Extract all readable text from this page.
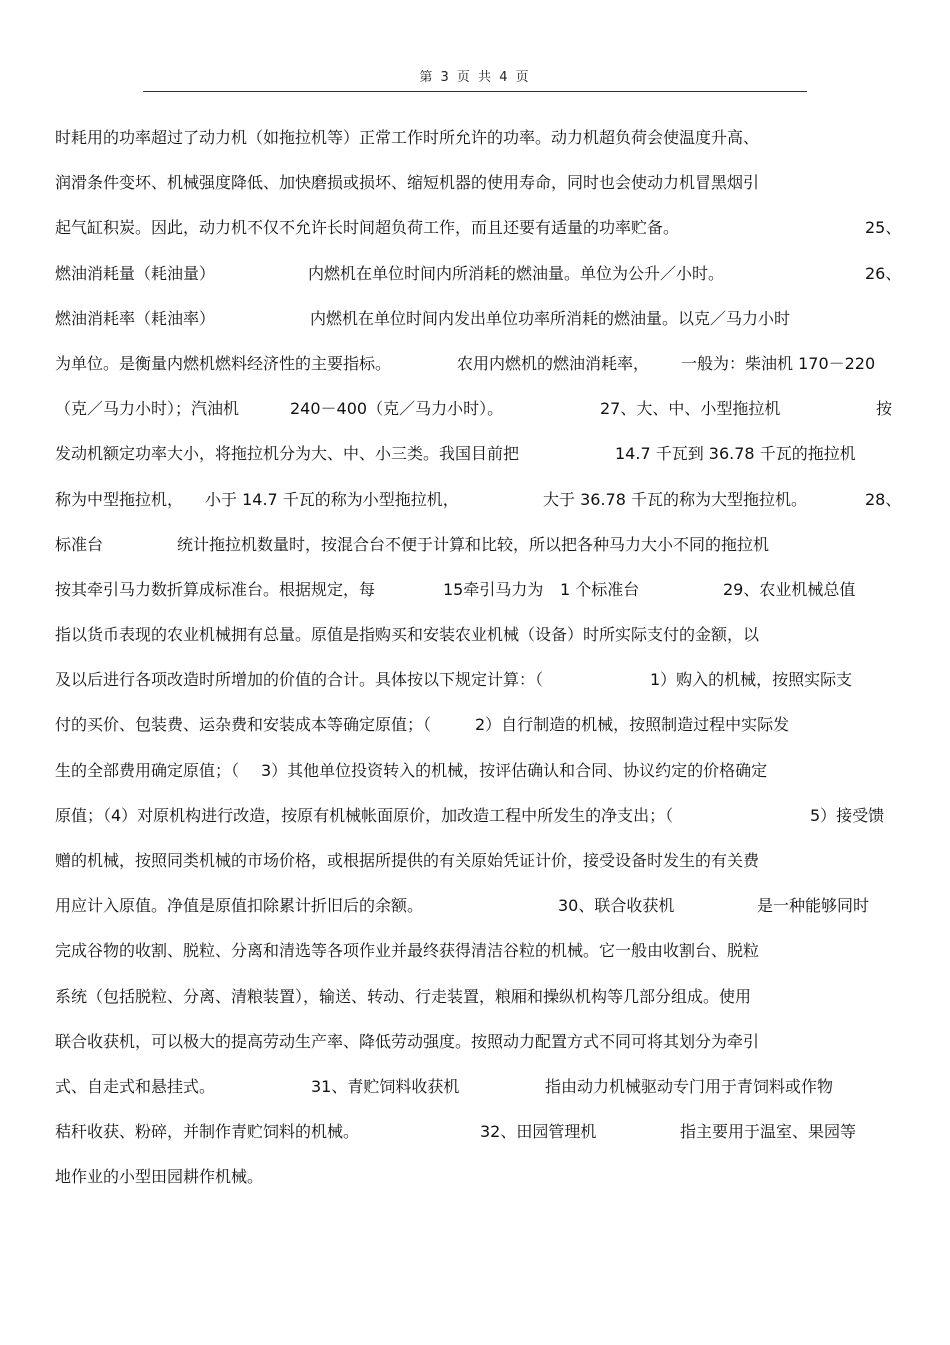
第 3 页 共 4 页
时耗用的功率超过了动力机（如拖拉机等）正常工作时所允许的功率。动力机超负荷会使温度升高、
润滑条件变坏、机械强度降低、加快磨损或损坏、缩短机器的使用寿命，同时也会使动力机冒黑烟引
起气缸积炭。因此，动力机不仅不允许长时间超负荷工作，而且还要有适量的功率贮备。	25、
燃油消耗量（耗油量）	内燃机在单位时间内所消耗的燃油量。单位为公升／小时。	26、
燃油消耗率（耗油率）	内燃机在单位时间内发出单位功率所消耗的燃油量。以克／马力小时
为单位。是衡量内燃机燃料经济性的主要指标。	农用内燃机的燃油消耗率， 一般为：柴油机 170－220
（克／马力小时）；汽油机	240－400（克／马力小时）。	27、大、中、小型拖拉机	按
发动机额定功率大小，将拖拉机分为大、中、小三类。我国目前把	14.7 千瓦到 36.78 千瓦的拖拉机
称为中型拖拉机， 小于 14.7 千瓦的称为小型拖拉机，	大于 36.78 千瓦的称为大型拖拉机。	28、
标准台	统计拖拉机数量时，按混合台不便于计算和比较，所以把各种马力大小不同的拖拉机
按其牵引马力数折算成标准台。根据规定，每	15牵引马力为 1 个标准台	29、农业机械总值
指以货币表现的农业机械拥有总量。原值是指购买和安装农业机械（设备）时所实际支付的金额，以
及以后进行各项改造时所增加的价值的合计。具体按以下规定计算：（	1）购入的机械，按照实际支
付的买价、包装费、运杂费和安装成本等确定原值；（	2）自行制造的机械，按照制造过程中实际发
生的全部费用确定原值；（ 3）其他单位投资转入的机械，按评估确认和合同、协议约定的价格确定
原值；（4）对原机构进行改造，按原有机械帐面原价，加改造工程中所发生的净支出；（	5）接受馈
赠的机械，按照同类机械的市场价格，或根据所提供的有关原始凭证计价，接受设备时发生的有关费
用应计入原值。净值是原值扣除累计折旧后的余额。	30、联合收获机	是一种能够同时
完成谷物的收割、脱粒、分离和清选等各项作业并最终获得清洁谷粒的机械。它一般由收割台、脱粒
系统（包括脱粒、分离、清粮装置），输送、转动、行走装置，粮厢和操纵机构等几部分组成。使用
联合收获机，可以极大的提高劳动生产率、降低劳动强度。按照动力配置方式不同可将其划分为牵引
式、自走式和悬挂式。	31、青贮饲料收获机	指由动力机械驱动专门用于青饲料或作物
秸秆收获、粉碎，并制作青贮饲料的机械。	32、田园管理机	指主要用于温室、果园等
地作业的小型田园耕作机械。
